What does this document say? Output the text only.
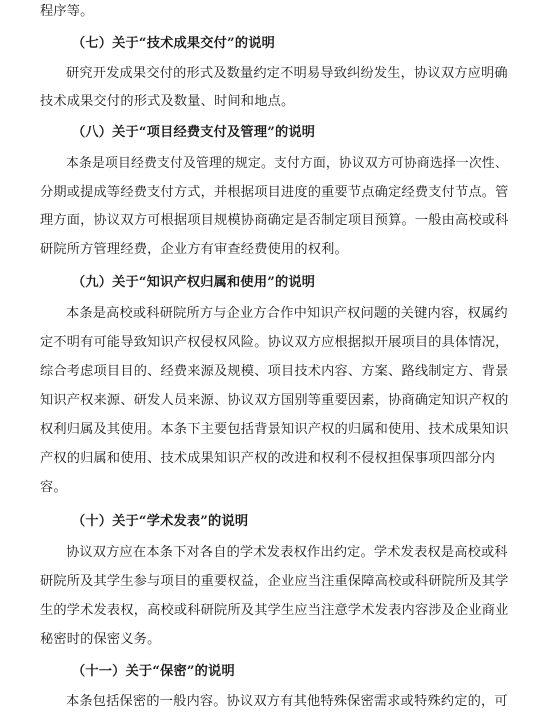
程序等。
（七）关于“技术成果交付”的说明
研究开发成果交付的形式及数量约定不明易导致纠纷发生，协议双方应明确
技术成果交付的形式及数量、时间和地点。
（八）关于“项目经费支付及管理”的说明
本条是项目经费支付及管理的规定。支付方面，协议双方可协商选择一次性、
分期或提成等经费支付方式，并根据项目进度的重要节点确定经费支付节点。管
理方面，协议双方可根据项目规模协商确定是否制定项目预算。一般由高校或科
研院所方管理经费，企业方有审查经费使用的权利。
（九）关于“知识产权归属和使用”的说明
本条是高校或科研院所方与企业方合作中知识产权问题的关键内容，权属约
定不明有可能导致知识产权侵权风险。协议双方应根据拟开展项目的具体情况，
综合考虑项目目的、经费来源及规模、项目技术内容、方案、路线制定方、背景
知识产权来源、研发人员来源、协议双方国别等重要因素，协商确定知识产权的
权利归属及其使用。本条下主要包括背景知识产权的归属和使用、技术成果知识
产权的归属和使用、技术成果知识产权的改进和权利不侵权担保事项四部分内
容。
（十）关于“学术发表”的说明
协议双方应在本条下对各自的学术发表权作出约定。学术发表权是高校或科
研院所及其学生参与项目的重要权益，企业应当注重保障高校或科研院所及其学
生的学术发表权，高校或科研院所及其学生应当注意学术发表内容涉及企业商业
秘密时的保密义务。
（十一）关于“保密”的说明
本条包括保密的一般内容。协议双方有其他特殊保密需求或特殊约定的，可
